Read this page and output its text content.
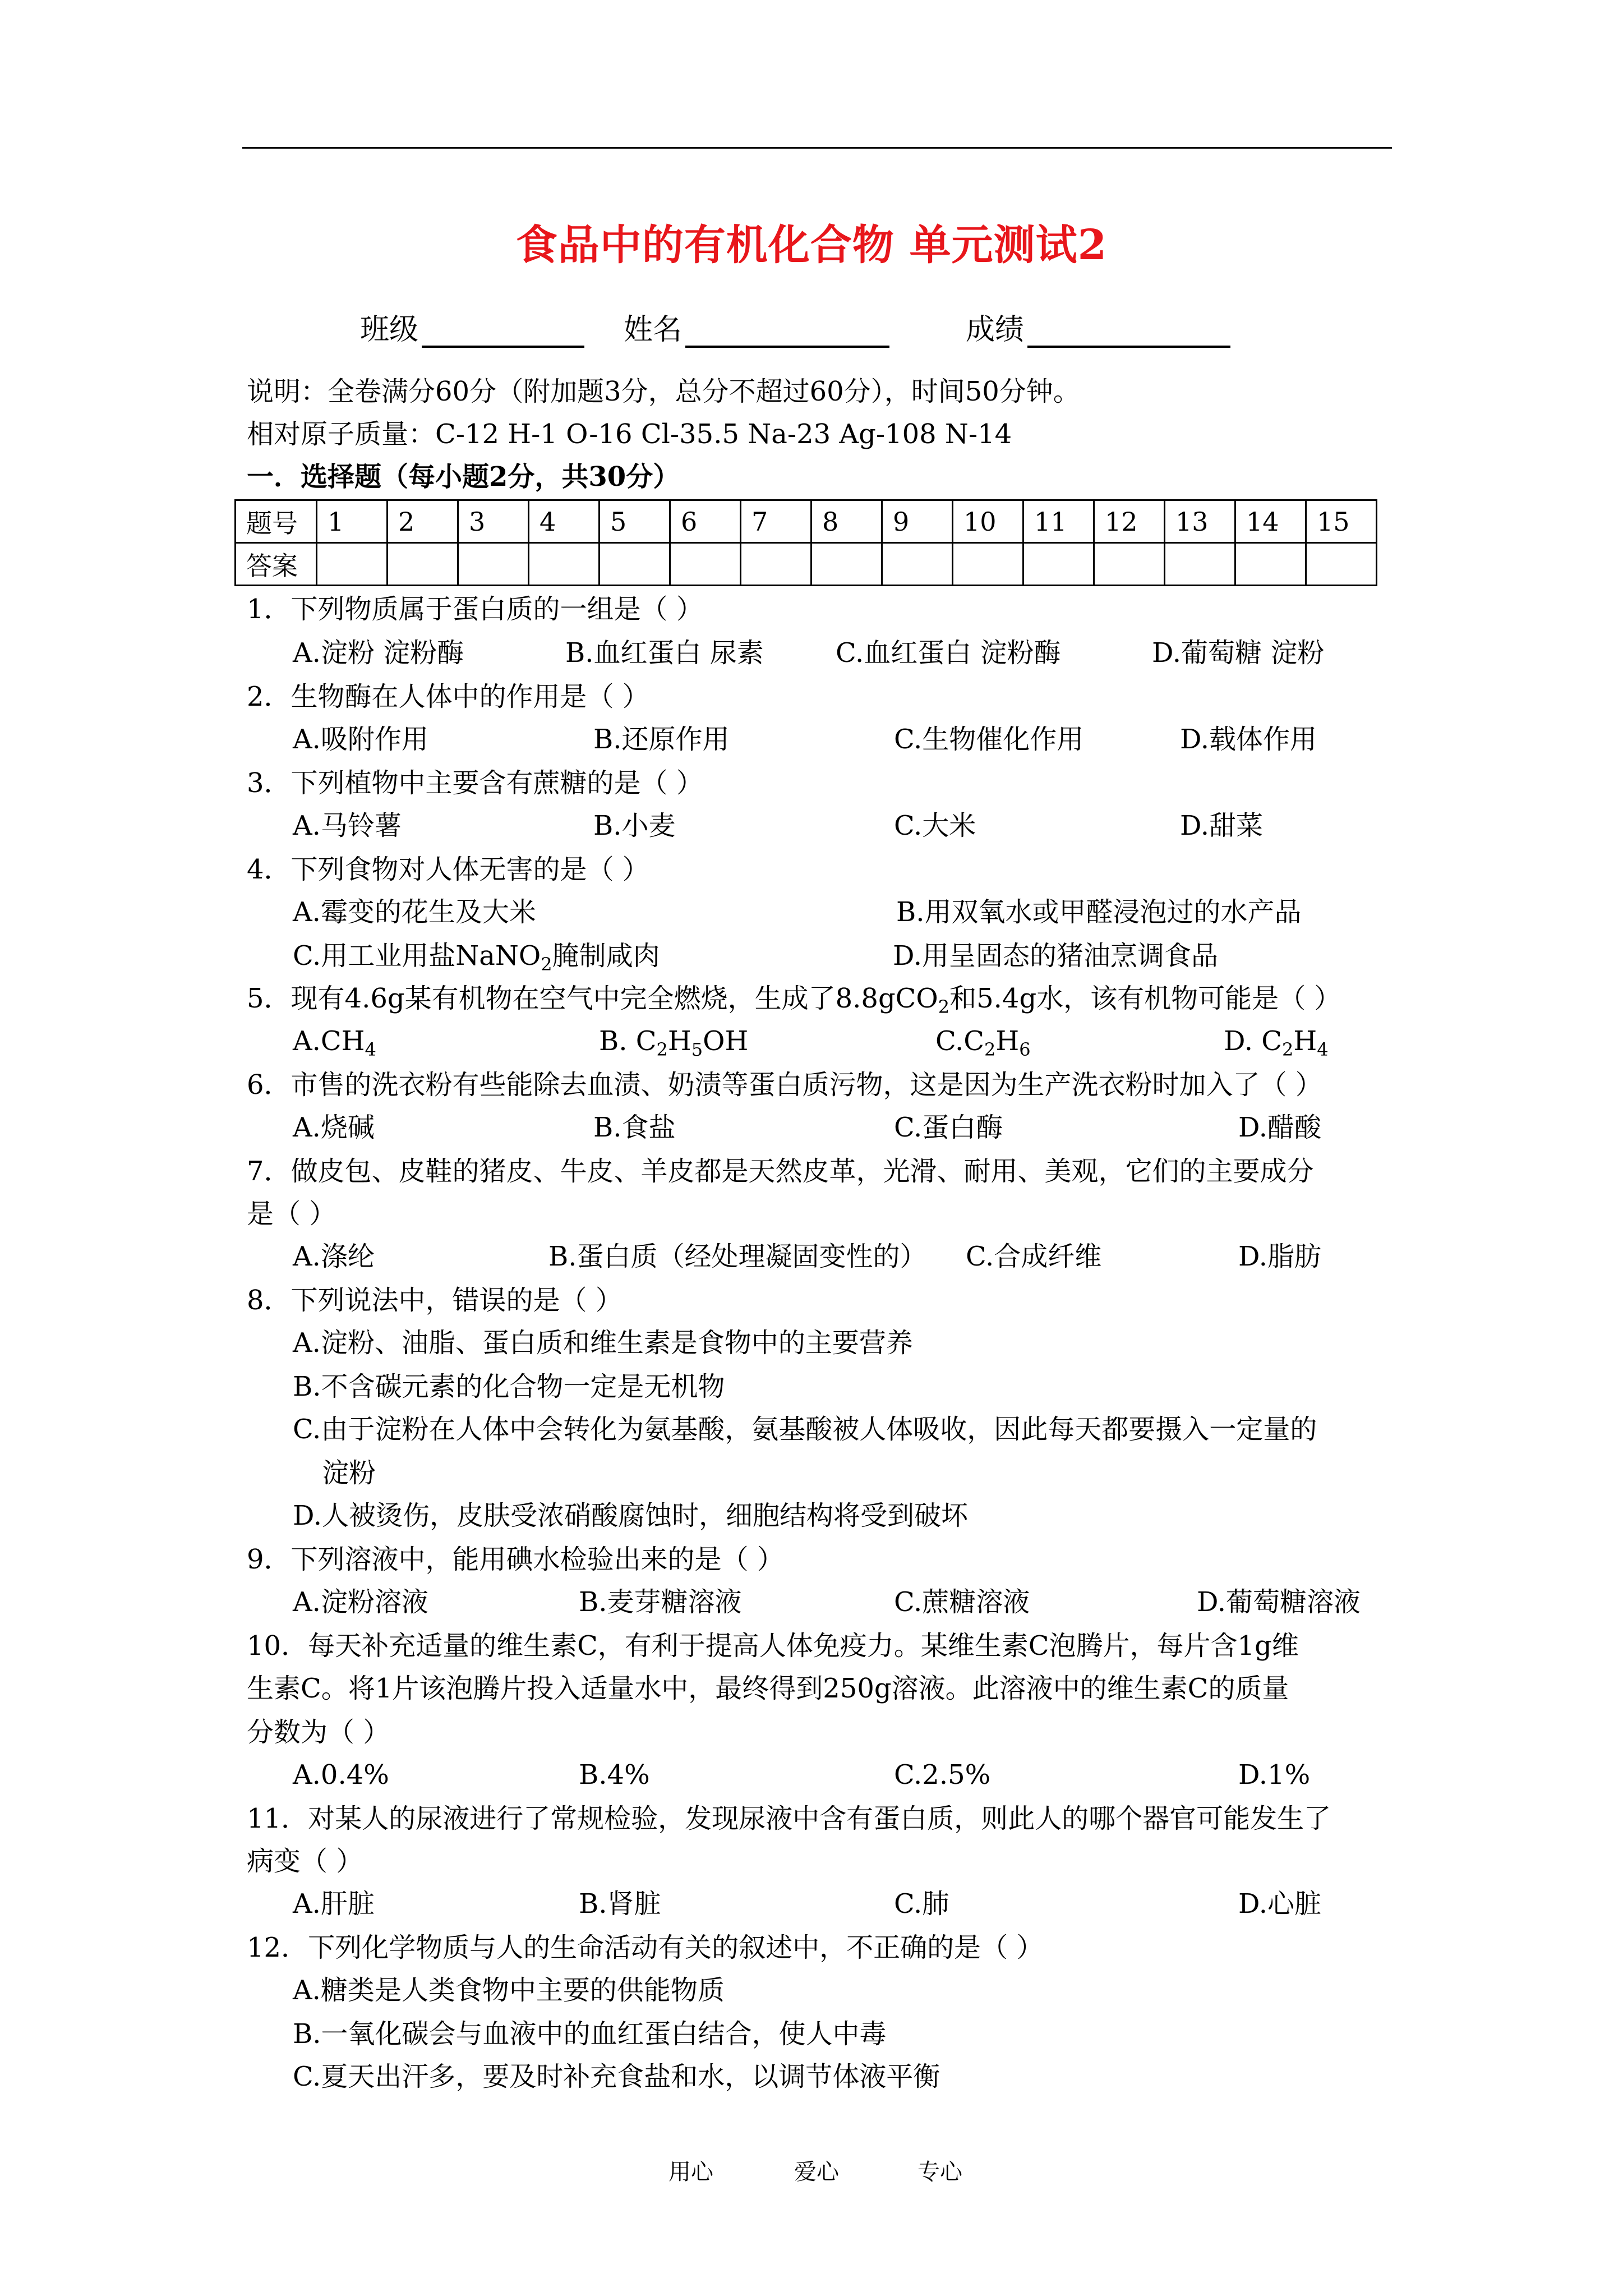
食品中的有机化合物 单元测试2
班级	姓名	成绩
说明：全卷满分60分（附加题3分，总分不超过60分），时间50分钟。
相对原子质量：C-12 H-1 O-16 Cl-35.5 Na-23 Ag-108 N-14
一．选择题（每小题2分，共30分）
题号	1	2	3	4	5	6	7	8	9	10	11	12	13	14	15
答案															
1．下列物质属于蛋白质的一组是（ ）
A.淀粉 淀粉酶	B.血红蛋白 尿素	C.血红蛋白 淀粉酶	D.葡萄糖 淀粉
2．生物酶在人体中的作用是（ ）
A.吸附作用	B.还原作用	C.生物催化作用	D.载体作用
3．下列植物中主要含有蔗糖的是（ ）
A.马铃薯	B.小麦	C.大米	D.甜菜
4．下列食物对人体无害的是（ ）
A.霉变的花生及大米	B.用双氧水或甲醛浸泡过的水产品
C.用工业用盐NaNO$_2$腌制咸肉	D.用呈固态的猪油烹调食品
5．现有4.6g某有机物在空气中完全燃烧，生成了8.8gCO$_2$和5.4g水，该有机物可能是（ ）
$A.CH_4$	B. $C_2H_5OH$	$C.C_2H_6$	D. $C_2H_4$
6．市售的洗衣粉有些能除去血渍、奶渍等蛋白质污物，这是因为生产洗衣粉时加入了（ ）
A.烧碱	B.食盐	C.蛋白酶	D.醋酸
7．做皮包、皮鞋的猪皮、牛皮、羊皮都是天然皮革，光滑、耐用、美观，它们的主要成分
是（ ）
A.涤纶	B.蛋白质（经处理凝固变性的） C.合成纤维	D.脂肪
8．下列说法中，错误的是（ ）
A.淀粉、油脂、蛋白质和维生素是食物中的主要营养
B.不含碳元素的化合物一定是无机物
C.由于淀粉在人体中会转化为氨基酸，氨基酸被人体吸收，因此每天都要摄入一定量的
淀粉
D.人被烫伤，皮肤受浓硝酸腐蚀时，细胞结构将受到破坏
9．下列溶液中，能用碘水检验出来的是（ ）
A.淀粉溶液	B.麦芽糖溶液	C.蔗糖溶液	D.葡萄糖溶液
10．每天补充适量的维生素C，有利于提高人体免疫力。某维生素C泡腾片，每片含1g维
生素C。将1片该泡腾片投入适量水中，最终得到250g溶液。此溶液中的维生素C的质量
分数为（ ）
A.0.4%	B.4%	C.2.5%	D.1%
11．对某人的尿液进行了常规检验，发现尿液中含有蛋白质，则此人的哪个器官可能发生了
病变（ ）
A.肝脏	B.肾脏	C.肺	D.心脏
12．下列化学物质与人的生命活动有关的叙述中，不正确的是（ ）
A.糖类是人类食物中主要的供能物质
B.一氧化碳会与血液中的血红蛋白结合，使人中毒
C.夏天出汗多，要及时补充食盐和水，以调节体液平衡
用心	爱心	专心
